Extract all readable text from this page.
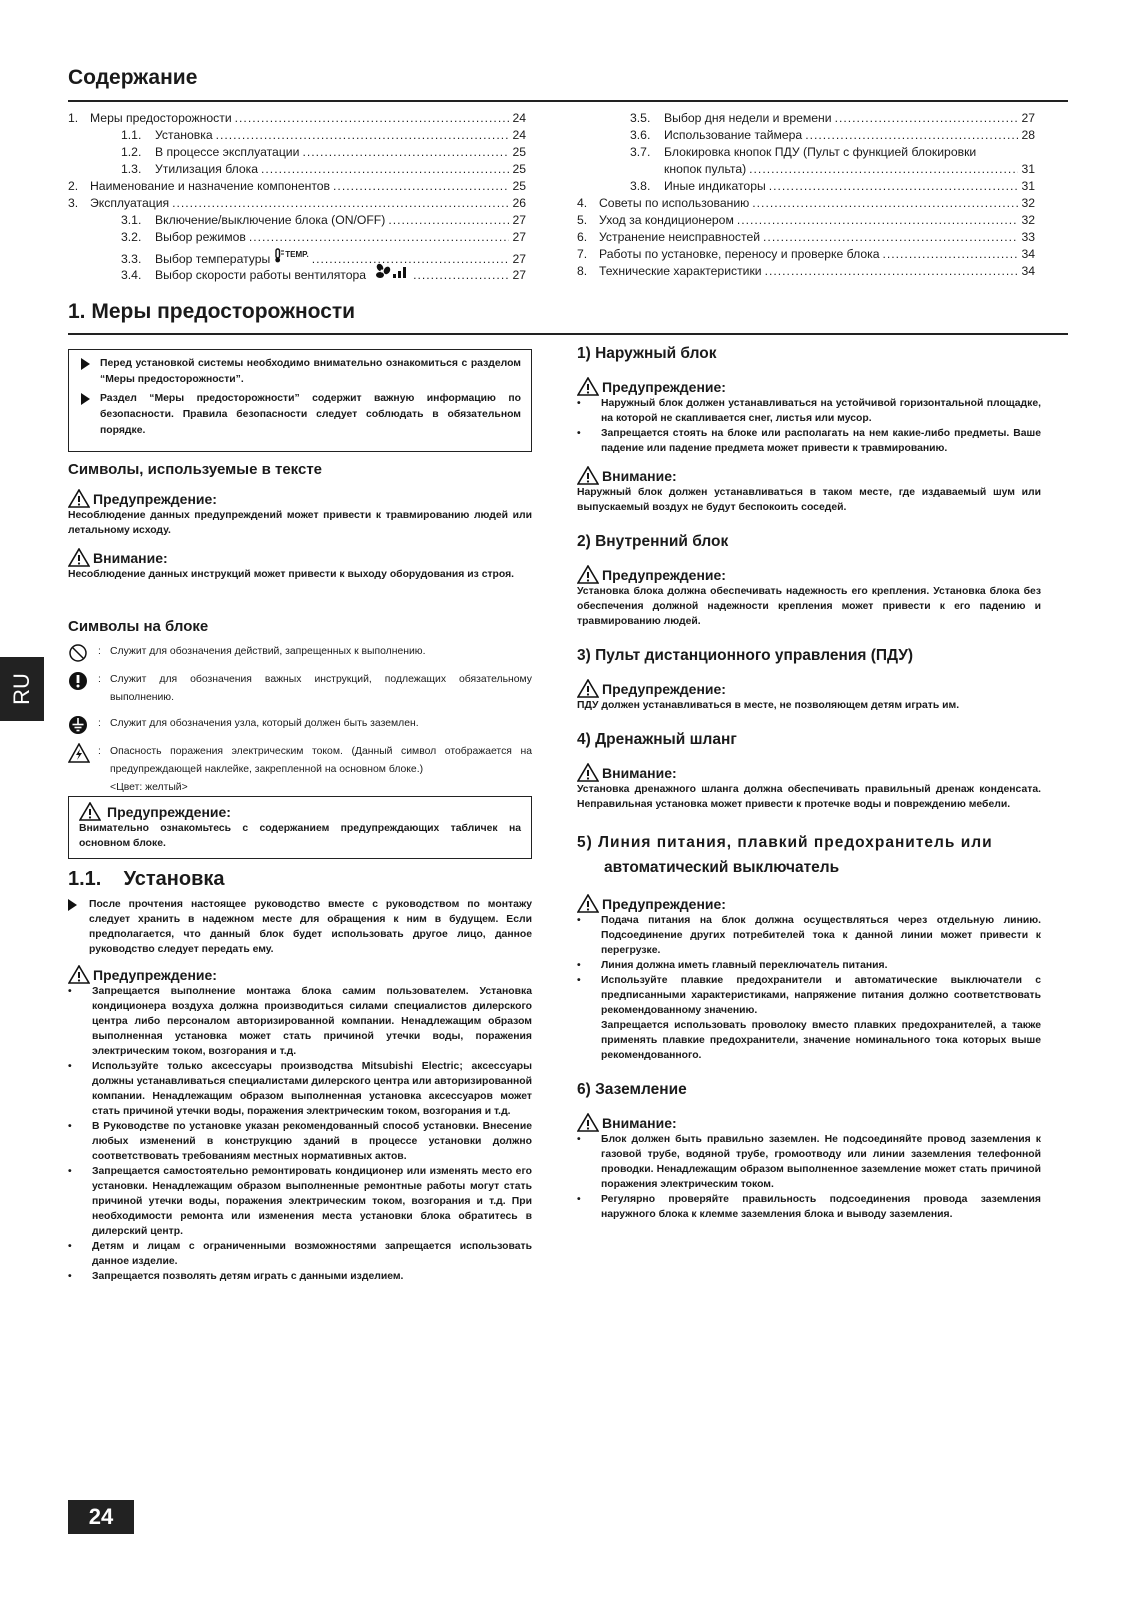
Содержание
1. Меры предосторожности .....	24
1.1.	Установка .....	24
1.2.	В процессе эксплуатации .....	25
1.3.	Утилизация блока .....	25
2. Наименование и назначение компонентов .....	25
3. Эксплуатация .....	26
3.1.	Включение/выключение блока (ON/OFF) .....	27
3.2.	Выбор режимов .....	27
3.3.	Выбор температуры TEMP. .....	27
3.4.	Выбор скорости работы вентилятора .....	27
3.5.	Выбор дня недели и времени .....	27
3.6.	Использование таймера .....	28
3.7.	Блокировка кнопок ПДУ (Пульт с функцией блокировки
кнопок пульта) .....	31
3.8.	Иные индикаторы .....	31
4. Советы по использованию .....	32
5. Уход за кондиционером .....	32
6. Устранение неисправностей .....	33
7. Работы по установке, переносу и проверке блока .....	34
8. Технические характеристики .....	34
1. Меры предосторожности
Перед установкой системы необходимо внимательно ознакомиться с разделом “Меры предосторожности”.
Раздел “Меры предосторожности” содержит важную информацию по безопасности. Правила безопасности следует соблюдать в обязательном порядке.
Символы, используемые в тексте
Предупреждение:
Несоблюдение данных предупреждений может привести к травмированию людей или летальному исходу.
Внимание:
Несоблюдение данных инструкций может привести к выходу оборудования из строя.
Символы на блоке
: Служит для обозначения действий, запрещенных к выполнению.
: Служит для обозначения важных инструкций, подлежащих обязательному выполнению.
: Служит для обозначения узла, который должен быть заземлен.
: Опасность поражения электрическим током. (Данный символ отображается на предупреждающей наклейке, закрепленной на основном блоке.)
<Цвет: желтый>
Предупреждение:
Внимательно ознакомьтесь с содержанием предупреждающих табличек на основном блоке.
1.1.    Установка
После прочтения настоящее руководство вместе с руководством по монтажу следует хранить в надежном месте для обращения к ним в будущем. Если предполагается, что данный блок будет использовать другое лицо, данное руководство следует передать ему.
Предупреждение:
•	Запрещается выполнение монтажа блока самим пользователем. Установка кондиционера воздуха должна производиться силами специалистов дилерского центра либо персоналом авторизированной компании. Ненадлежащим образом выполненная установка может стать причиной утечки воды, поражения электрическим током, возгорания и т.д.
•	Используйте только аксессуары производства Mitsubishi Electric; аксессуары должны устанавливаться специалистами дилерского центра или авторизированной компании. Ненадлежащим образом выполненная установка аксессуаров может стать причиной утечки воды, поражения электрическим током, возгорания и т.д.
•	В Руководстве по установке указан рекомендованный способ установки. Внесение любых изменений в конструкцию зданий в процессе установки должно соответствовать требованиям местных нормативных актов.
•	Запрещается самостоятельно ремонтировать кондиционер или изменять место его установки. Ненадлежащим образом выполненные ремонтные работы могут стать причиной утечки воды, поражения электрическим током, возгорания и т.д. При необходимости ремонта или изменения места установки блока обратитесь в дилерский центр.
•	Детям и лицам с ограниченными возможностями запрещается использовать данное изделие.
•	Запрещается позволять детям играть с данными изделием.
1) Наружный блок
Предупреждение:
•	Наружный блок должен устанавливаться на устойчивой горизонтальной площадке, на которой не скапливается снег, листья или мусор.
•	Запрещается стоять на блоке или располагать на нем какие-либо предметы. Ваше падение или падение предмета может привести к травмированию.
Внимание:
Наружный блок должен устанавливаться в таком месте, где издаваемый шум или выпускаемый воздух не будут беспокоить соседей.
2) Внутренний блок
Предупреждение:
Установка блока должна обеспечивать надежность его крепления. Установка блока без обеспечения должной надежности крепления может привести к его падению и травмированию людей.
3) Пульт дистанционного управления (ПДУ)
Предупреждение:
ПДУ должен устанавливаться в месте, не позволяющем детям играть им.
4) Дренажный шланг
Внимание:
Установка дренажного шланга должна обеспечивать правильный дренаж конденсата. Неправильная установка может привести к протечке воды и повреждению мебели.
5) Линия питания, плавкий предохранитель или
автоматический выключатель
Предупреждение:
•	Подача питания на блок должна осуществляться через отдельную линию. Подсоединение других потребителей тока к данной линии может привести к перегрузке.
•	Линия должна иметь главный переключатель питания.
•	Используйте плавкие предохранители и автоматические выключатели с предписанными характеристиками, напряжение питания должно соответствовать рекомендованному значению.
Запрещается использовать проволоку вместо плавких предохранителей, а также применять плавкие предохранители, значение номинального тока которых выше рекомендованного.
6) Заземление
Внимание:
•	Блок должен быть правильно заземлен. Не подсоединяйте провод заземления к газовой трубе, водяной трубе, громоотводу или линии заземления телефонной проводки. Ненадлежащим образом выполненное заземление может стать причиной поражения электрическим током.
•	Регулярно проверяйте правильность подсоединения провода заземления наружного блока к клемме заземления блока и выводу заземления.
RU
24
